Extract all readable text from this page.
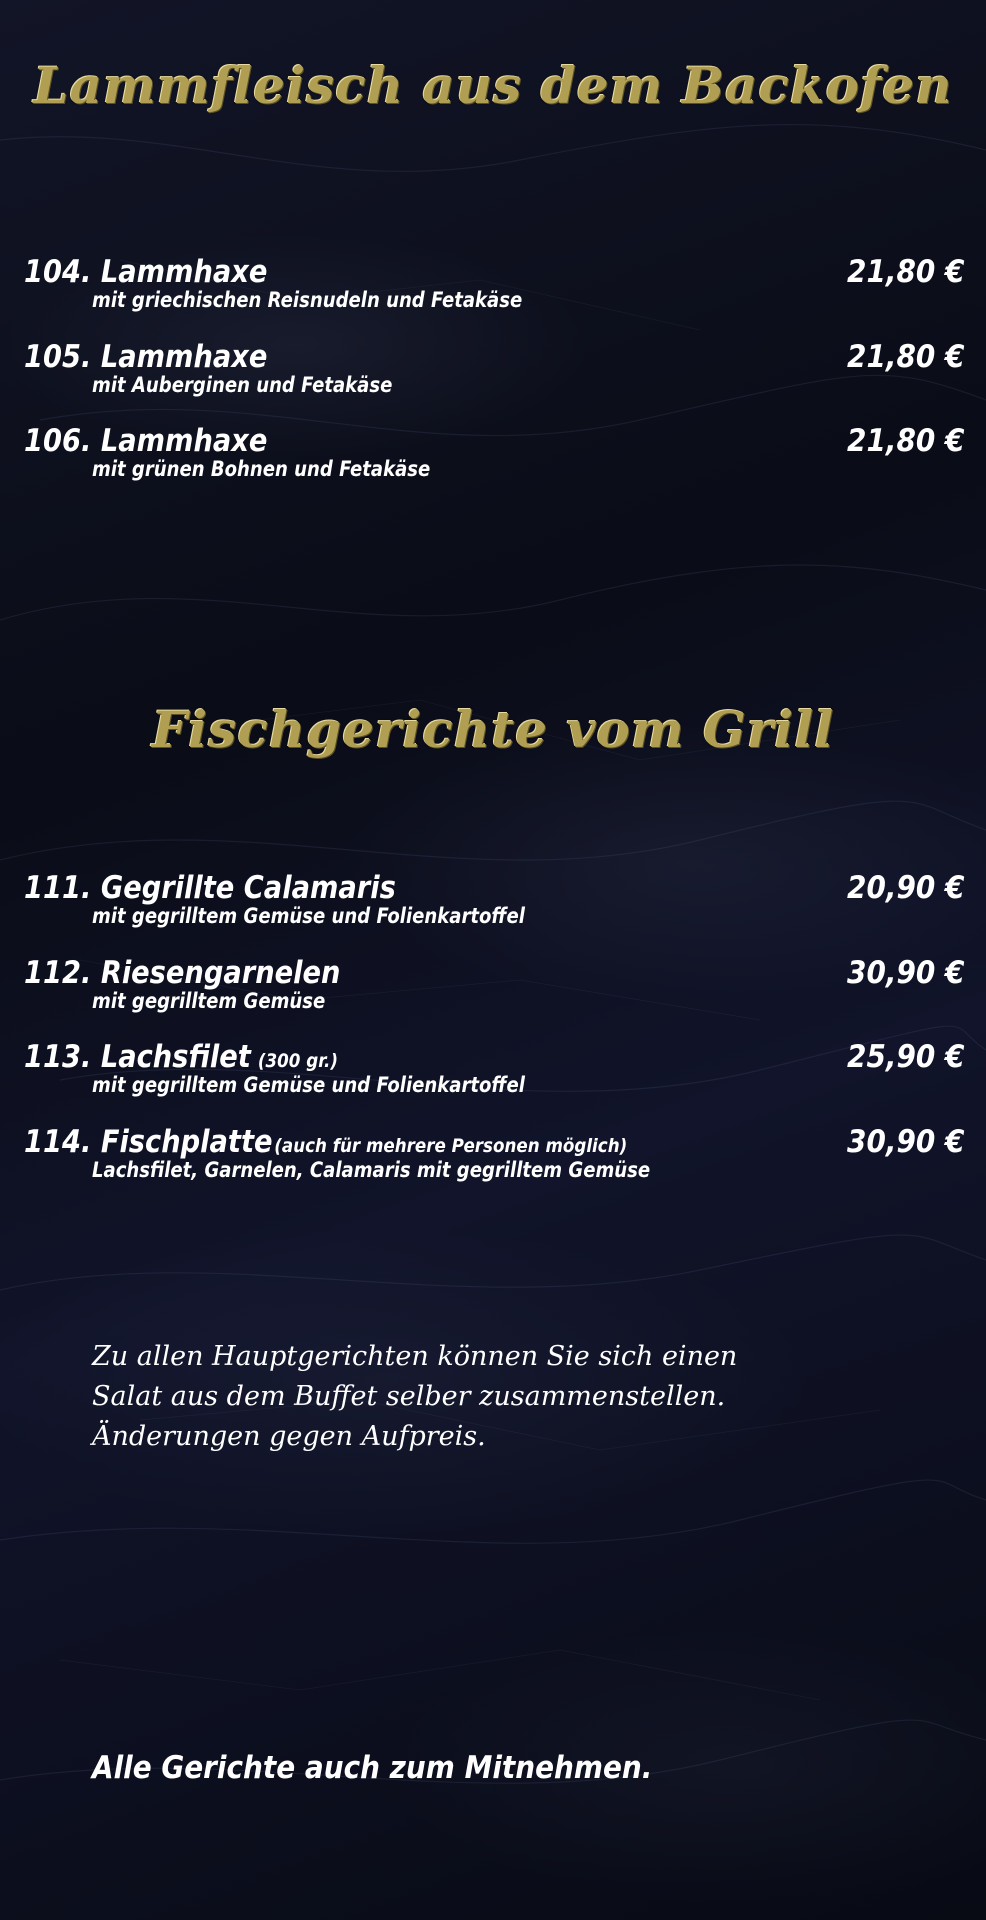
Lammfleisch aus dem Backofen
104. Lammhaxe
mit griechischen Reisnudeln und Fetakäse
21,80 €
105. Lammhaxe
mit Auberginen und Fetakäse
21,80 €
106. Lammhaxe
mit grünen Bohnen und Fetakäse
21,80 €
Fischgerichte vom Grill
111. Gegrillte Calamaris
mit gegrilltem Gemüse und Folienkartoffel
20,90 €
112. Riesengarnelen
mit gegrilltem Gemüse
30,90 €
113. Lachsfilet (300 gr.)
mit gegrilltem Gemüse und Folienkartoffel
25,90 €
114. Fischplatte(auch für mehrere Personen möglich)
Lachsfilet, Garnelen, Calamaris mit gegrilltem Gemüse
30,90 €
Zu allen Hauptgerichten können Sie sich einen
Salat aus dem Buffet selber zusammenstellen.
Änderungen gegen Aufpreis.
Alle Gerichte auch zum Mitnehmen.
